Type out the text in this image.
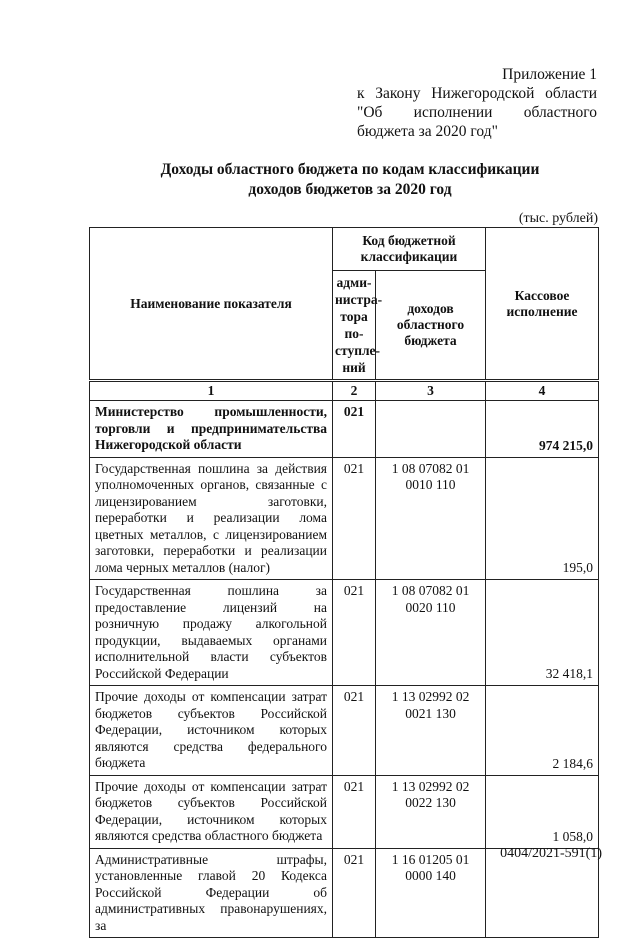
Приложение 1
к Закону Нижегородской области
"Об исполнении областного
бюджета за 2020 год"
Доходы областного бюджета по кодам классификации
доходов бюджетов за 2020 год
(тыс. рублей)
Наименование показателя	Код бюджетной классификации		Кассовое исполнение
	адми-нистра-тора по-ступле-ний	доходов областного бюджета	
1	2	3	4
Министерство промышленности, торговли и предпринимательства Нижегородской области	021		974 215,0
Государственная пошлина за действия уполномоченных органов, связанные с лицензированием заготовки, переработки и реализации лома цветных металлов, с лицензированием заготовки, переработки и реализации лома черных металлов (налог)	021	1 08 07082 01 0010 110	195,0
Государственная пошлина за предоставление лицензий на розничную продажу алкогольной продукции, выдаваемых органами исполнительной власти субъектов Российской Федерации	021	1 08 07082 01 0020 110	32 418,1
Прочие доходы от компенсации затрат бюджетов субъектов Российской Федерации, источником которых являются средства федерального бюджета	021	1 13 02992 02 0021 130	2 184,6
Прочие доходы от компенсации затрат бюджетов субъектов Российской Федерации, источником которых являются средства областного бюджета	021	1 13 02992 02 0022 130	1 058,0
Административные штрафы, установленные главой 20 Кодекса Российской Федерации об административных правонарушениях, за	021	1 16 01205 01 0000 140	
0404/2021-591(1)
